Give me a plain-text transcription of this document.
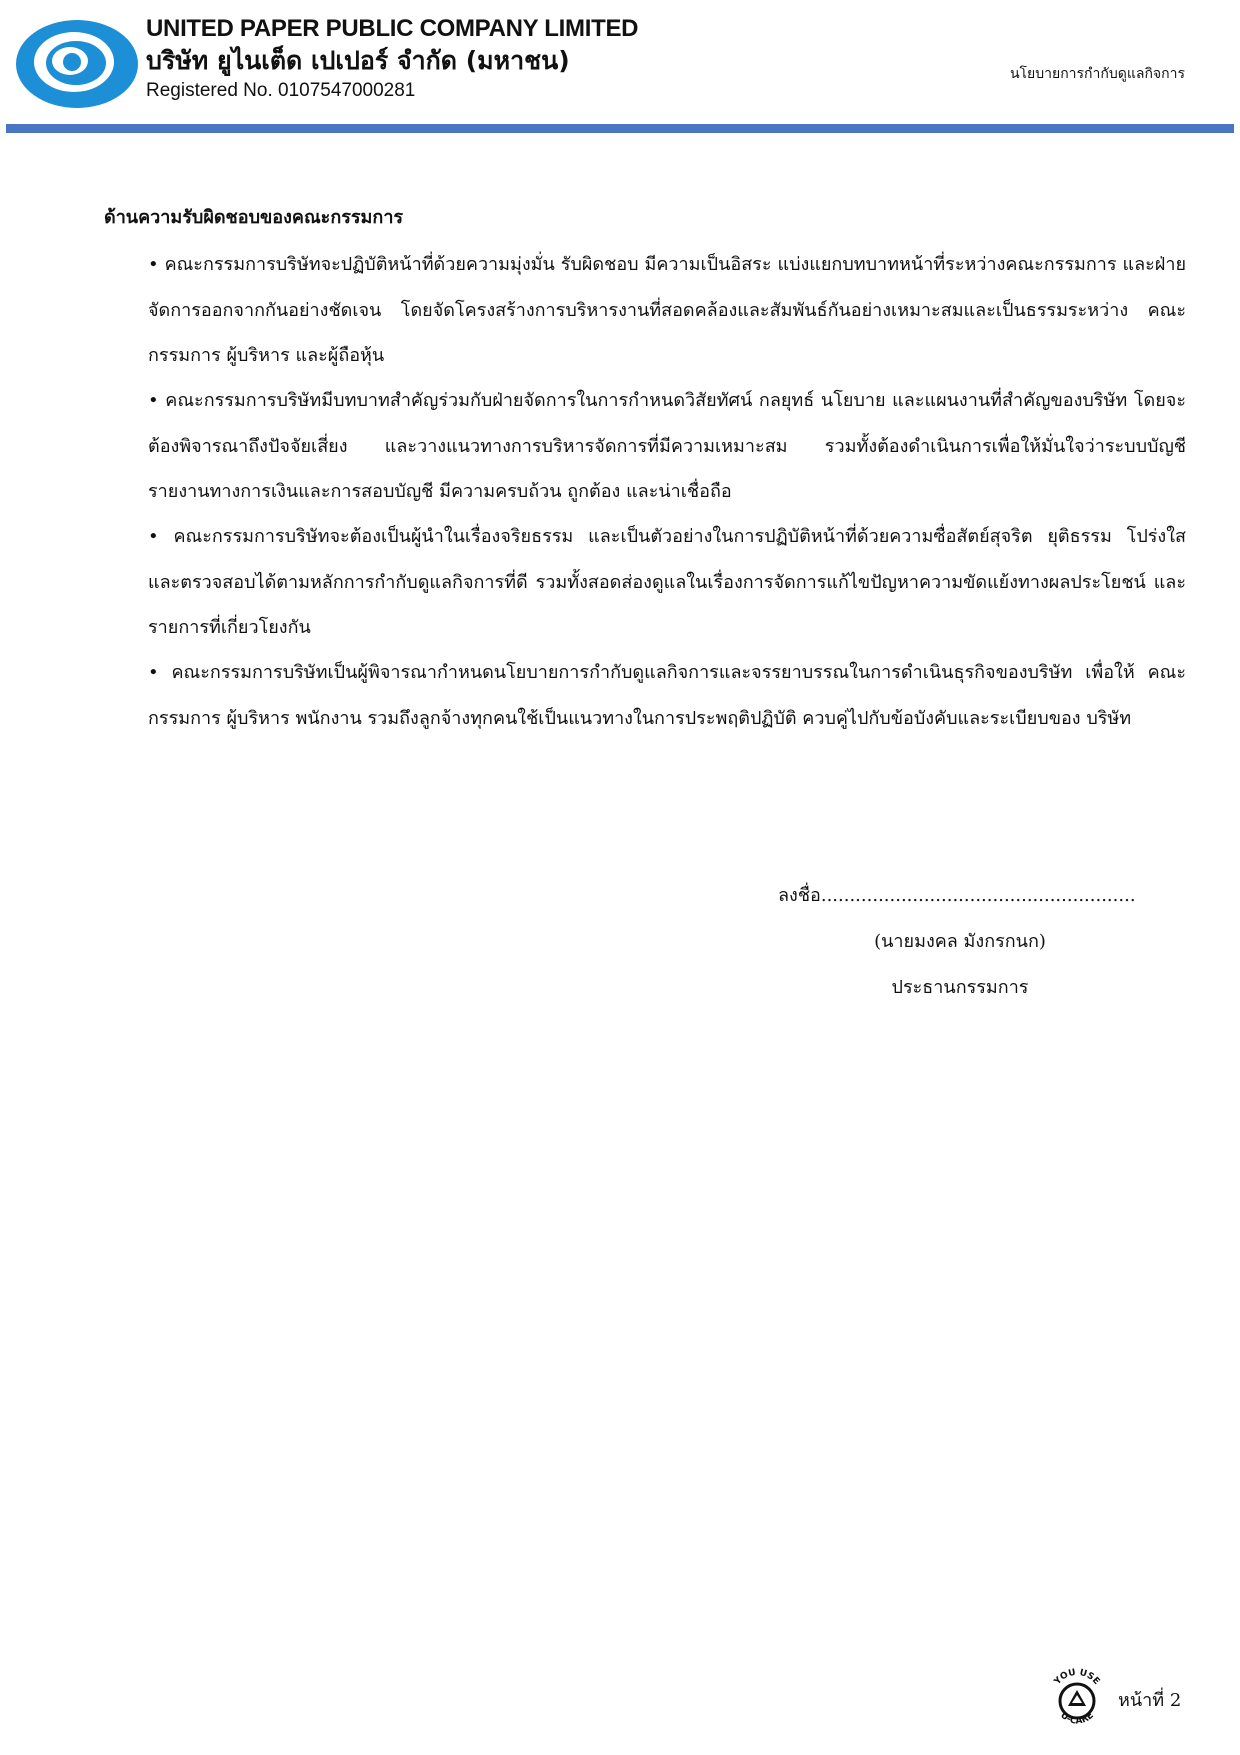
UNITED PAPER PUBLIC COMPANY LIMITED
บริษัท ยูไนเต็ด เปเปอร์ จำกัด (มหาชน)
Registered No. 0107547000281
นโยบายการกำกับดูแลกิจการ
ด้านความรับผิดชอบของคณะกรรมการ
• คณะกรรมการบริษัทจะปฏิบัติหน้าที่ด้วยความมุ่งมั่น รับผิดชอบ มีความเป็นอิสระ แบ่งแยกบทบาทหน้าที่ระหว่างคณะกรรมการ และฝ่ายจัดการออกจากกันอย่างชัดเจน โดยจัดโครงสร้างการบริหารงานที่สอดคล้องและสัมพันธ์กันอย่างเหมาะสมและเป็นธรรมระหว่าง คณะกรรมการ ผู้บริหาร และผู้ถือหุ้น
• คณะกรรมการบริษัทมีบทบาทสำคัญร่วมกับฝ่ายจัดการในการกำหนดวิสัยทัศน์ กลยุทธ์ นโยบาย และแผนงานที่สำคัญของบริษัท โดยจะต้องพิจารณาถึงปัจจัยเสี่ยง และวางแนวทางการบริหารจัดการที่มีความเหมาะสม รวมทั้งต้องดำเนินการเพื่อให้มั่นใจว่าระบบบัญชี รายงานทางการเงินและการสอบบัญชี มีความครบถ้วน ถูกต้อง และน่าเชื่อถือ
• คณะกรรมการบริษัทจะต้องเป็นผู้นำในเรื่องจริยธรรม และเป็นตัวอย่างในการปฏิบัติหน้าที่ด้วยความซื่อสัตย์สุจริต ยุติธรรม โปร่งใส และตรวจสอบได้ตามหลักการกำกับดูแลกิจการที่ดี รวมทั้งสอดส่องดูแลในเรื่องการจัดการแก้ไขปัญหาความขัดแย้งทางผลประโยชน์ และรายการที่เกี่ยวโยงกัน
• คณะกรรมการบริษัทเป็นผู้พิจารณากำหนดนโยบายการกำกับดูแลกิจการและจรรยาบรรณในการดำเนินธุรกิจของบริษัท เพื่อให้ คณะกรรมการ ผู้บริหาร พนักงาน รวมถึงลูกจ้างทุกคนใช้เป็นแนวทางในการประพฤติปฏิบัติ ควบคู่ไปกับข้อบังคับและระเบียบของ บริษัท
ลงชื่อ.......................................................
(นายมงคล มังกรกนก)
ประธานกรรมการ
YOU USE
U-CARE
หน้าที่ 2
